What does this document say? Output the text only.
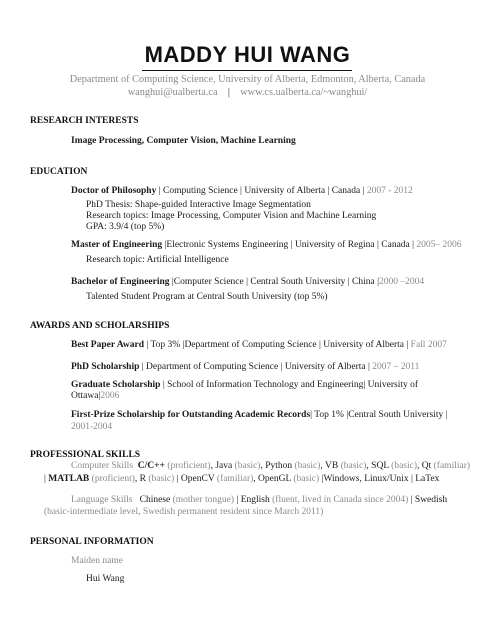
MADDY HUI WANG
Department of Computing Science, University of Alberta, Edmonton, Alberta, Canada
wanghui@ualberta.ca | www.cs.ualberta.ca/~wanghui/
RESEARCH INTERESTS
Image Processing, Computer Vision, Machine Learning
EDUCATION
Doctor of Philosophy | Computing Science | University of Alberta | Canada | 2007 - 2012
PhD Thesis: Shape-guided Interactive Image Segmentation
Research topics: Image Processing, Computer Vision and Machine Learning
GPA: 3.9/4 (top 5%)
Master of Engineering |Electronic Systems Engineering | University of Regina | Canada | 2005– 2006
Research topic: Artificial Intelligence
Bachelor of Engineering |Computer Science | Central South University | China |2000 –2004
Talented Student Program at Central South University (top 5%)
AWARDS AND SCHOLARSHIPS
Best Paper Award | Top 3% |Department of Computing Science | University of Alberta | Fall 2007
PhD Scholarship | Department of Computing Science | University of Alberta | 2007 – 2011
Graduate Scholarship | School of Information Technology and Engineering| University of
Ottawa|2006
First-Prize Scholarship for Outstanding Academic Records| Top 1% |Central South University |
2001-2004
PROFESSIONAL SKILLS
Computer Skills C/C++ (proficient), Java (basic), Python (basic), VB (basic), SQL (basic), Qt (familiar)
| MATLAB (proficient), R (basic) | OpenCV (familiar), OpenGL (basic) |Windows, Linux/Unix | LaTex
Language Skills Chinese (mother tongue) | English (fluent, lived in Canada since 2004) | Swedish
(basic-intermediate level, Swedish permanent resident since March 2011)
PERSONAL INFORMATION
Maiden name
Hui Wang
